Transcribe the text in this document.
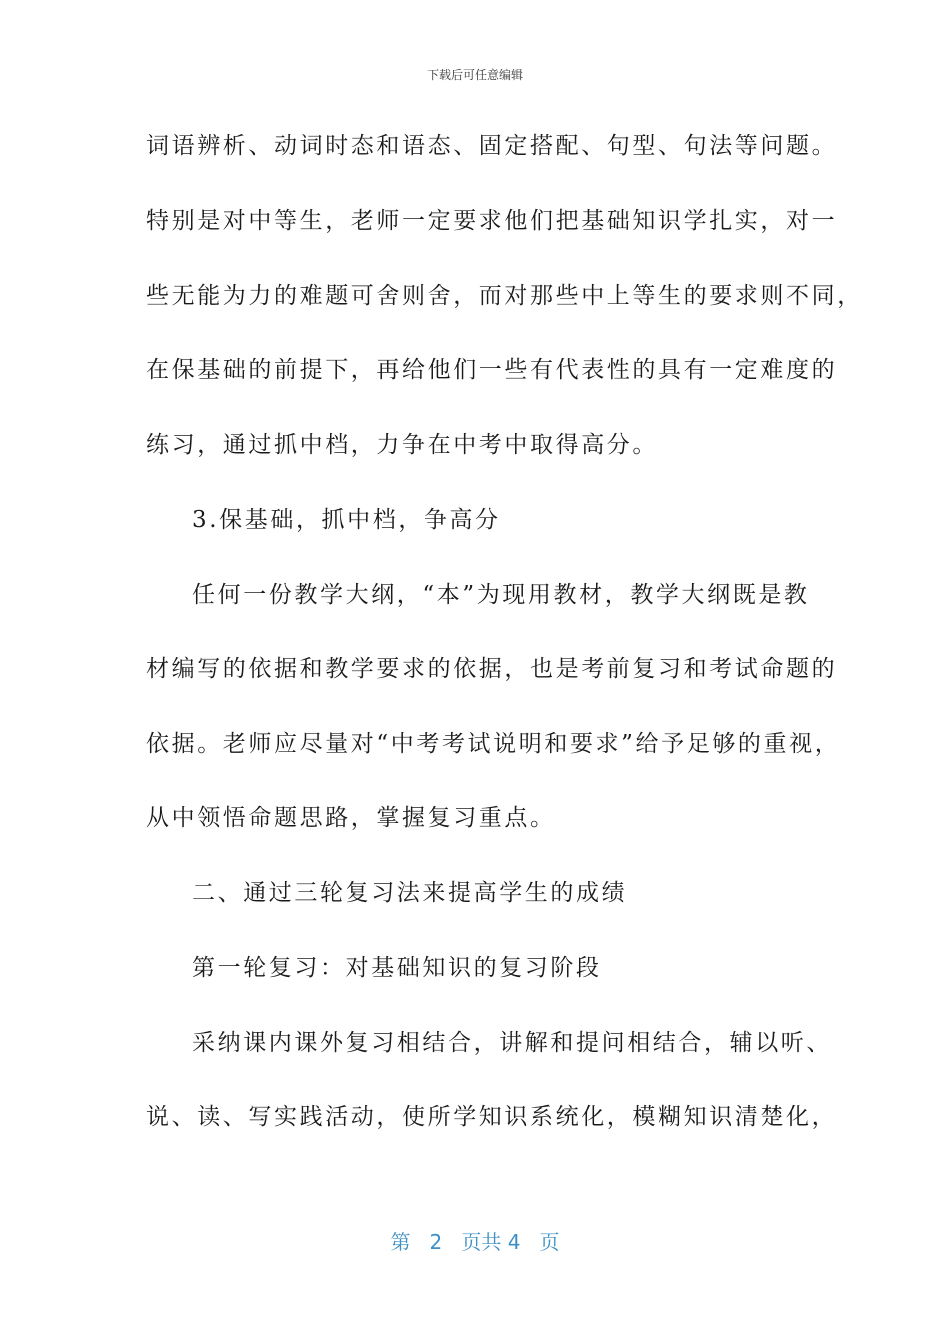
下载后可任意编辑
词语辨析、动词时态和语态、固定搭配、句型、句法等问题。
特别是对中等生，老师一定要求他们把基础知识学扎实，对一
些无能为力的难题可舍则舍，而对那些中上等生的要求则不同，
在保基础的前提下，再给他们一些有代表性的具有一定难度的
练习，通过抓中档，力争在中考中取得高分。
3.保基础，抓中档，争高分
任何一份教学大纲，“本”为现用教材，教学大纲既是教
材编写的依据和教学要求的依据，也是考前复习和考试命题的
依据。老师应尽量对“中考考试说明和要求”给予足够的重视，
从中领悟命题思路，掌握复习重点。
二、通过三轮复习法来提高学生的成绩
第一轮复习：对基础知识的复习阶段
采纳课内课外复习相结合，讲解和提问相结合，辅以听、
说、读、写实践活动，使所学知识系统化，模糊知识清楚化，
第 2 页共 4 页
